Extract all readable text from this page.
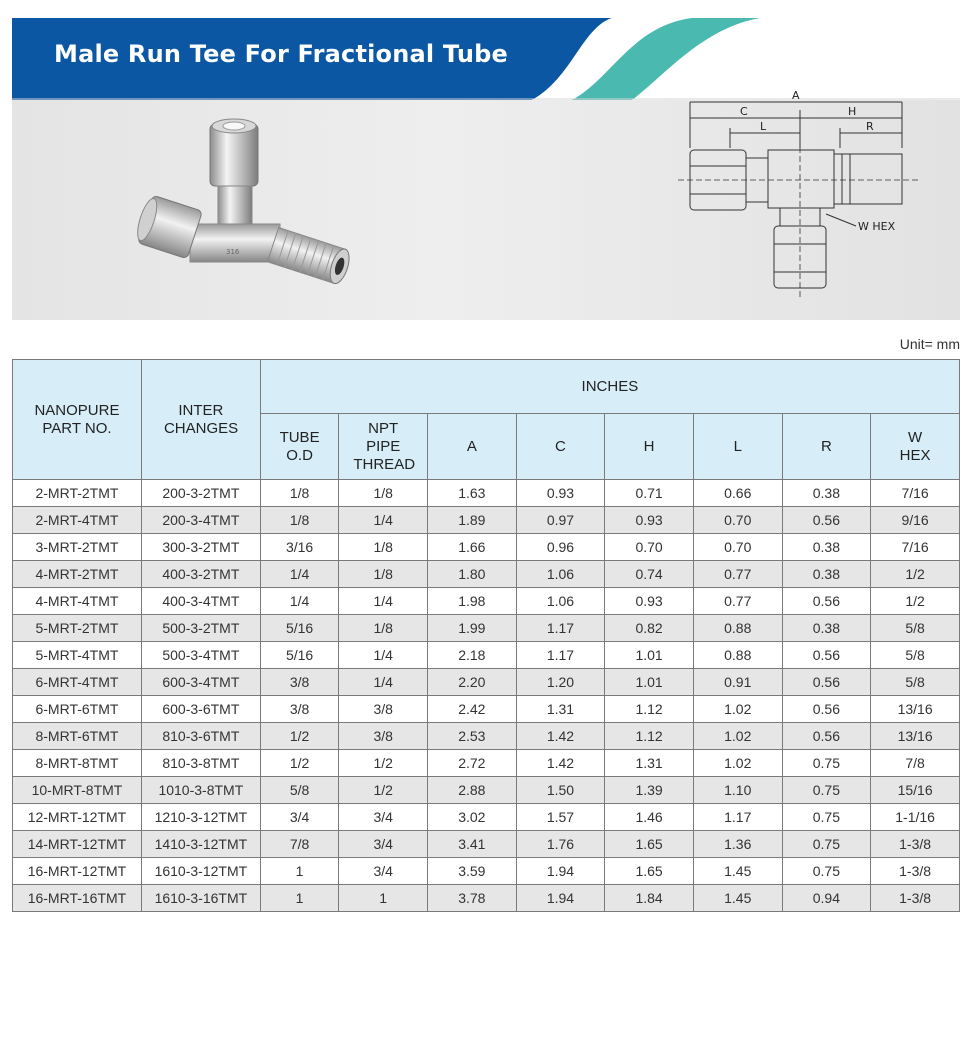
Male Run Tee For Fractional Tube
316
A
C	H
L	R
W HEX
Unit= mm
NANOPURE PART NO.	INTER CHANGES	INCHES							
		TUBE O.D	NPT PIPE THREAD	A	C	H	L	R	W HEX
2-MRT-2TMT	200-3-2TMT	1/8	1/8	1.63	0.93	0.71	0.66	0.38	7/16
2-MRT-4TMT	200-3-4TMT	1/8	1/4	1.89	0.97	0.93	0.70	0.56	9/16
3-MRT-2TMT	300-3-2TMT	3/16	1/8	1.66	0.96	0.70	0.70	0.38	7/16
4-MRT-2TMT	400-3-2TMT	1/4	1/8	1.80	1.06	0.74	0.77	0.38	1/2
4-MRT-4TMT	400-3-4TMT	1/4	1/4	1.98	1.06	0.93	0.77	0.56	1/2
5-MRT-2TMT	500-3-2TMT	5/16	1/8	1.99	1.17	0.82	0.88	0.38	5/8
5-MRT-4TMT	500-3-4TMT	5/16	1/4	2.18	1.17	1.01	0.88	0.56	5/8
6-MRT-4TMT	600-3-4TMT	3/8	1/4	2.20	1.20	1.01	0.91	0.56	5/8
6-MRT-6TMT	600-3-6TMT	3/8	3/8	2.42	1.31	1.12	1.02	0.56	13/16
8-MRT-6TMT	810-3-6TMT	1/2	3/8	2.53	1.42	1.12	1.02	0.56	13/16
8-MRT-8TMT	810-3-8TMT	1/2	1/2	2.72	1.42	1.31	1.02	0.75	7/8
10-MRT-8TMT	1010-3-8TMT	5/8	1/2	2.88	1.50	1.39	1.10	0.75	15/16
12-MRT-12TMT	1210-3-12TMT	3/4	3/4	3.02	1.57	1.46	1.17	0.75	1-1/16
14-MRT-12TMT	1410-3-12TMT	7/8	3/4	3.41	1.76	1.65	1.36	0.75	1-3/8
16-MRT-12TMT	1610-3-12TMT	1	3/4	3.59	1.94	1.65	1.45	0.75	1-3/8
16-MRT-16TMT	1610-3-16TMT	1	1	3.78	1.94	1.84	1.45	0.94	1-3/8
